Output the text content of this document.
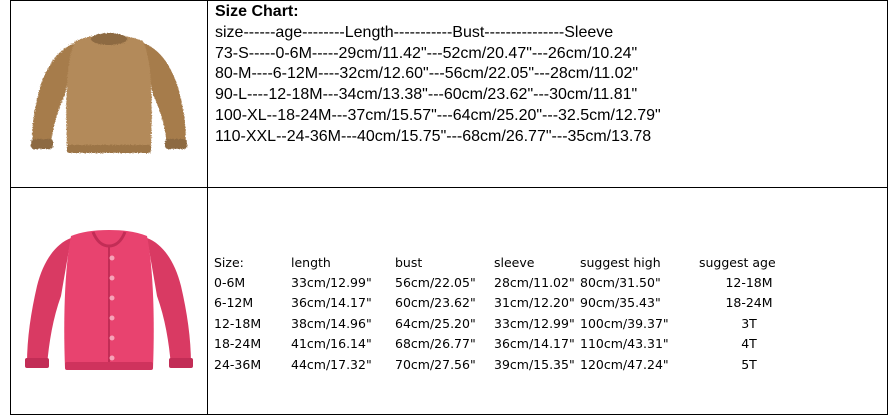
Size Chart:
size------age--------Length-----------Bust---------------Sleeve
73-S-----0-6M-----29cm/11.42"---52cm/20.47"---26cm/10.24"
80-M----6-12M----32cm/12.60"---56cm/22.05"---28cm/11.02"
90-L----12-18M---34cm/13.38"---60cm/23.62"---30cm/11.81"
100-XL--18-24M---37cm/15.57"---64cm/25.20"---32.5cm/12.79"
110-XXL--24-36M---40cm/15.75"---68cm/26.77"---35cm/13.78
Size:	length	bust	sleeve	suggest high	suggest age
0-6M	33cm/12.99"	56cm/22.05"	28cm/11.02"	80cm/31.50"	12-18M
6-12M	36cm/14.17"	60cm/23.62"	31cm/12.20"	90cm/35.43"	18-24M
12-18M	38cm/14.96"	64cm/25.20"	33cm/12.99"	100cm/39.37"	3T
18-24M	41cm/16.14"	68cm/26.77"	36cm/14.17"	110cm/43.31"	4T
24-36M	44cm/17.32"	70cm/27.56"	39cm/15.35"	120cm/47.24"	5T
